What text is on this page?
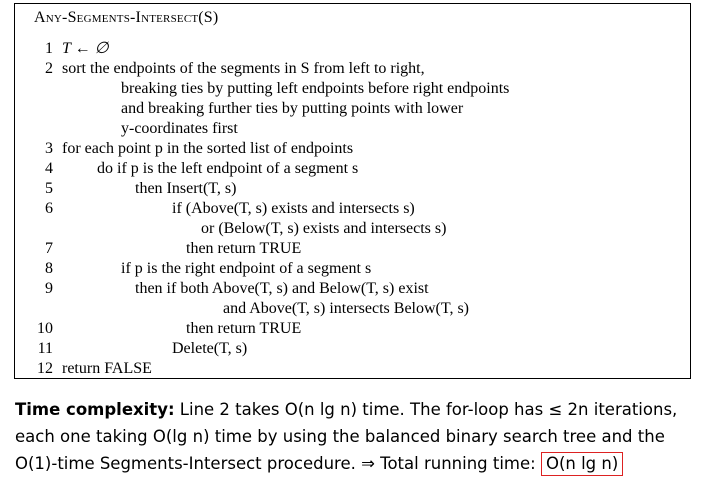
Any-Segments-Intersect(S)
1 T ← ∅
2 sort the endpoints of the segments in S from left to right,
breaking ties by putting left endpoints before right endpoints
and breaking further ties by putting points with lower
y-coordinates first
3 for each point p in the sorted list of endpoints
4	do if p is the left endpoint of a segment s
5	then Insert(T, s)
6	if (Above(T, s) exists and intersects s)
or (Below(T, s) exists and intersects s)
7	then return TRUE
8	if p is the right endpoint of a segment s
9	then if both Above(T, s) and Below(T, s) exist
and Above(T, s) intersects Below(T, s)
10	then return TRUE
11	Delete(T, s)
12 return FALSE
Time complexity: Line 2 takes O(n lg n) time. The for-loop has ≤ 2n iterations,
each one taking O(lg n) time by using the balanced binary search tree and the
O(1)-time Segments-Intersect procedure. ⇒ Total running time: O(n lg n)
